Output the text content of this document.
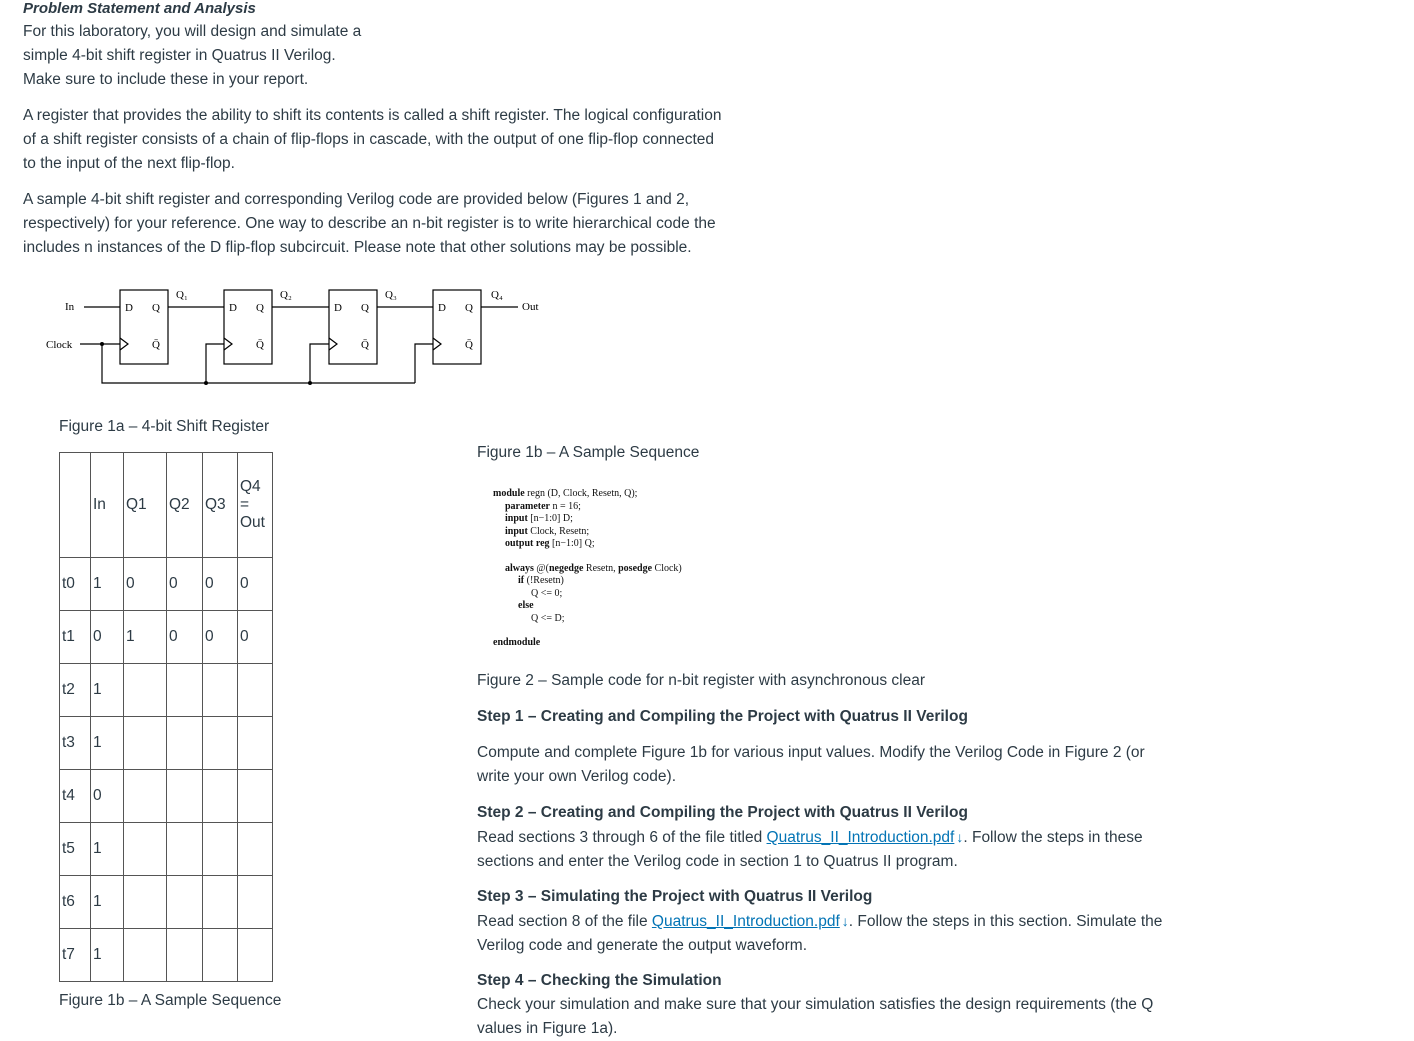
Problem Statement and Analysis
For this laboratory, you will design and simulate a
simple 4-bit shift register in Quatrus II Verilog.
Make sure to include these in your report.
A register that provides the ability to shift its contents is called a shift register. The logical configuration
of a shift register consists of a chain of flip-flops in cascade, with the output of one flip-flop connected
to the input of the next flip-flop.
A sample 4-bit shift register and corresponding Verilog code are provided below (Figures 1 and 2,
respectively) for your reference. One way to describe an n-bit register is to write hierarchical code the
includes n instances of the D flip-flop subcircuit. Please note that other solutions may be possible.
In
Clock
Out
D Q
Q̄
Q₁
D Q
Q̄
Q₂
D Q
Q̄
Q₃
D Q
Q̄
Q₄
Figure 1a – 4-bit Shift Register
	In	Q1	Q2	Q3	Q4
=
Out

t0	1	0	0	0	0
t1	0	1	0	0	0
t2	1				
t3	1				
t4	0				
t5	1				
t6	1				
t7	1				
Figure 1b – A Sample Sequence
Figure 1b – A Sample Sequence
module regn (D, Clock, Resetn, Q);
parameter n = 16;
input [n−1:0] D;
input Clock, Resetn;
output reg [n−1:0] Q;
always @(negedge Resetn, posedge Clock)
if (!Resetn)
Q <= 0;
else
Q <= D;
endmodule
Figure 2 – Sample code for n-bit register with asynchronous clear
Step 1 – Creating and Compiling the Project with Quatrus II Verilog
Compute and complete Figure 1b for various input values. Modify the Verilog Code in Figure 2 (or
write your own Verilog code).
Step 2 – Creating and Compiling the Project with Quatrus II Verilog
Read sections 3 through 6 of the file titled Quatrus_II_Introduction.pdf ↓. Follow the steps in these
sections and enter the Verilog code in section 1 to Quatrus II program.
Step 3 – Simulating the Project with Quatrus II Verilog
Read section 8 of the file Quatrus_II_Introduction.pdf ↓. Follow the steps in this section. Simulate the
Verilog code and generate the output waveform.
Step 4 – Checking the Simulation
Check your simulation and make sure that your simulation satisfies the design requirements (the Q
values in Figure 1a).
